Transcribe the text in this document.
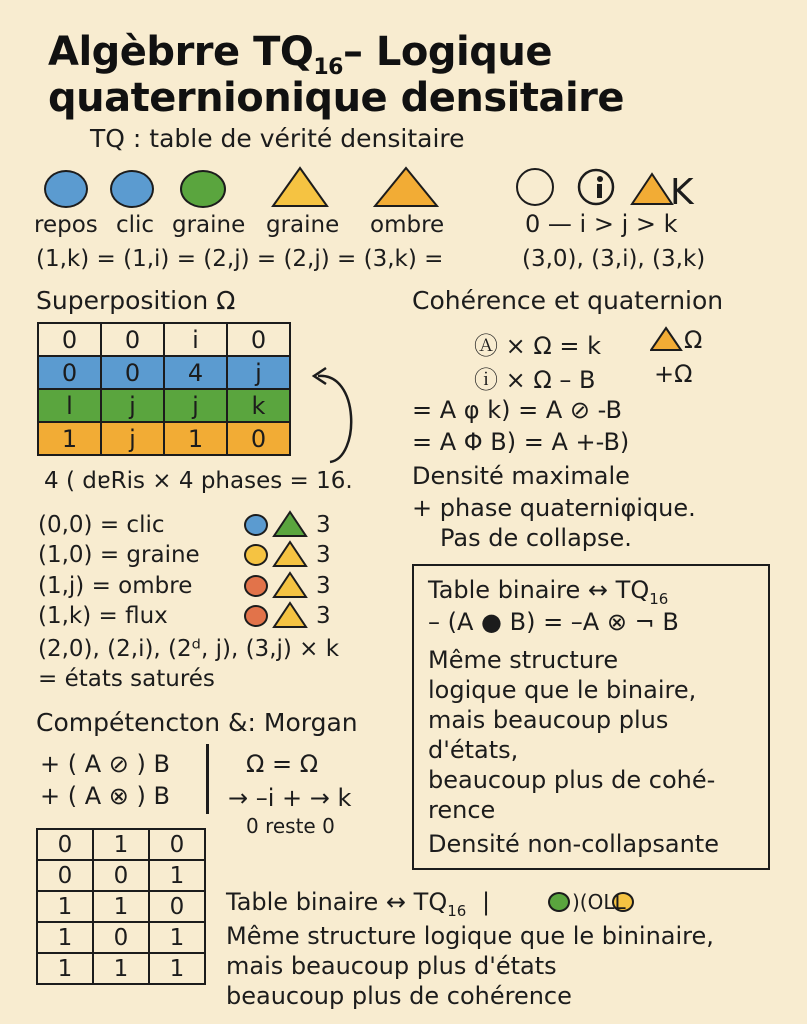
Algèbrre $TQ_{16}-$ Logique
quaternionique densitaire
TQ : table de vérité densitaire
K
repos clic graine graine ombre	0 — i > j > k
(1,k) = (1,i) = (2,j) = (2,j) = (3,k) =	(3,0), (3,i), (3,k)
Superposition Ω
0	0	i	0
0	0	4	j
l	j	j	k
1	j	1	0
4 ( dɐRis × 4 phases = 16.
Cohérence et quaternion
Ⓐ × Ω = k	Ω
ⓘ × Ω – B +Ω
= A φ k) = A ⊘ -B
= A Φ B) = A +-B)
Densité maximale
+ phase quaterniφique.
Pas de collapse.
(0,0) = clic	3
(1,0) = graine	3
(1,j) = ombre	3
(1,k) = flux	3
(2,0), (2,i), (2ᵈ, j), (3,j) × k
= états saturés
Compétencton &: Morgan
+ ( A ⊘ ) B
+ ( A ⊗ ) B
Ω = Ω
→ –i + → k
0 reste 0
Table binaire ↔ $TQ_{16}$
– (A ● B) = –A ⊗ ¬ B
Même structure
logique que le binaire,
mais beaucoup plus
d'états,
beaucoup plus de cohé-
rence
Densité non-collapsante
0	1	0
0	0	1
1	1	0
1	0	1
1	1	1
Table binaire ↔ $TQ_{16}$ |	)(OLL
Même structure logique que le bininaire,
mais beaucoup plus d'états
beaucoup plus de cohérence
